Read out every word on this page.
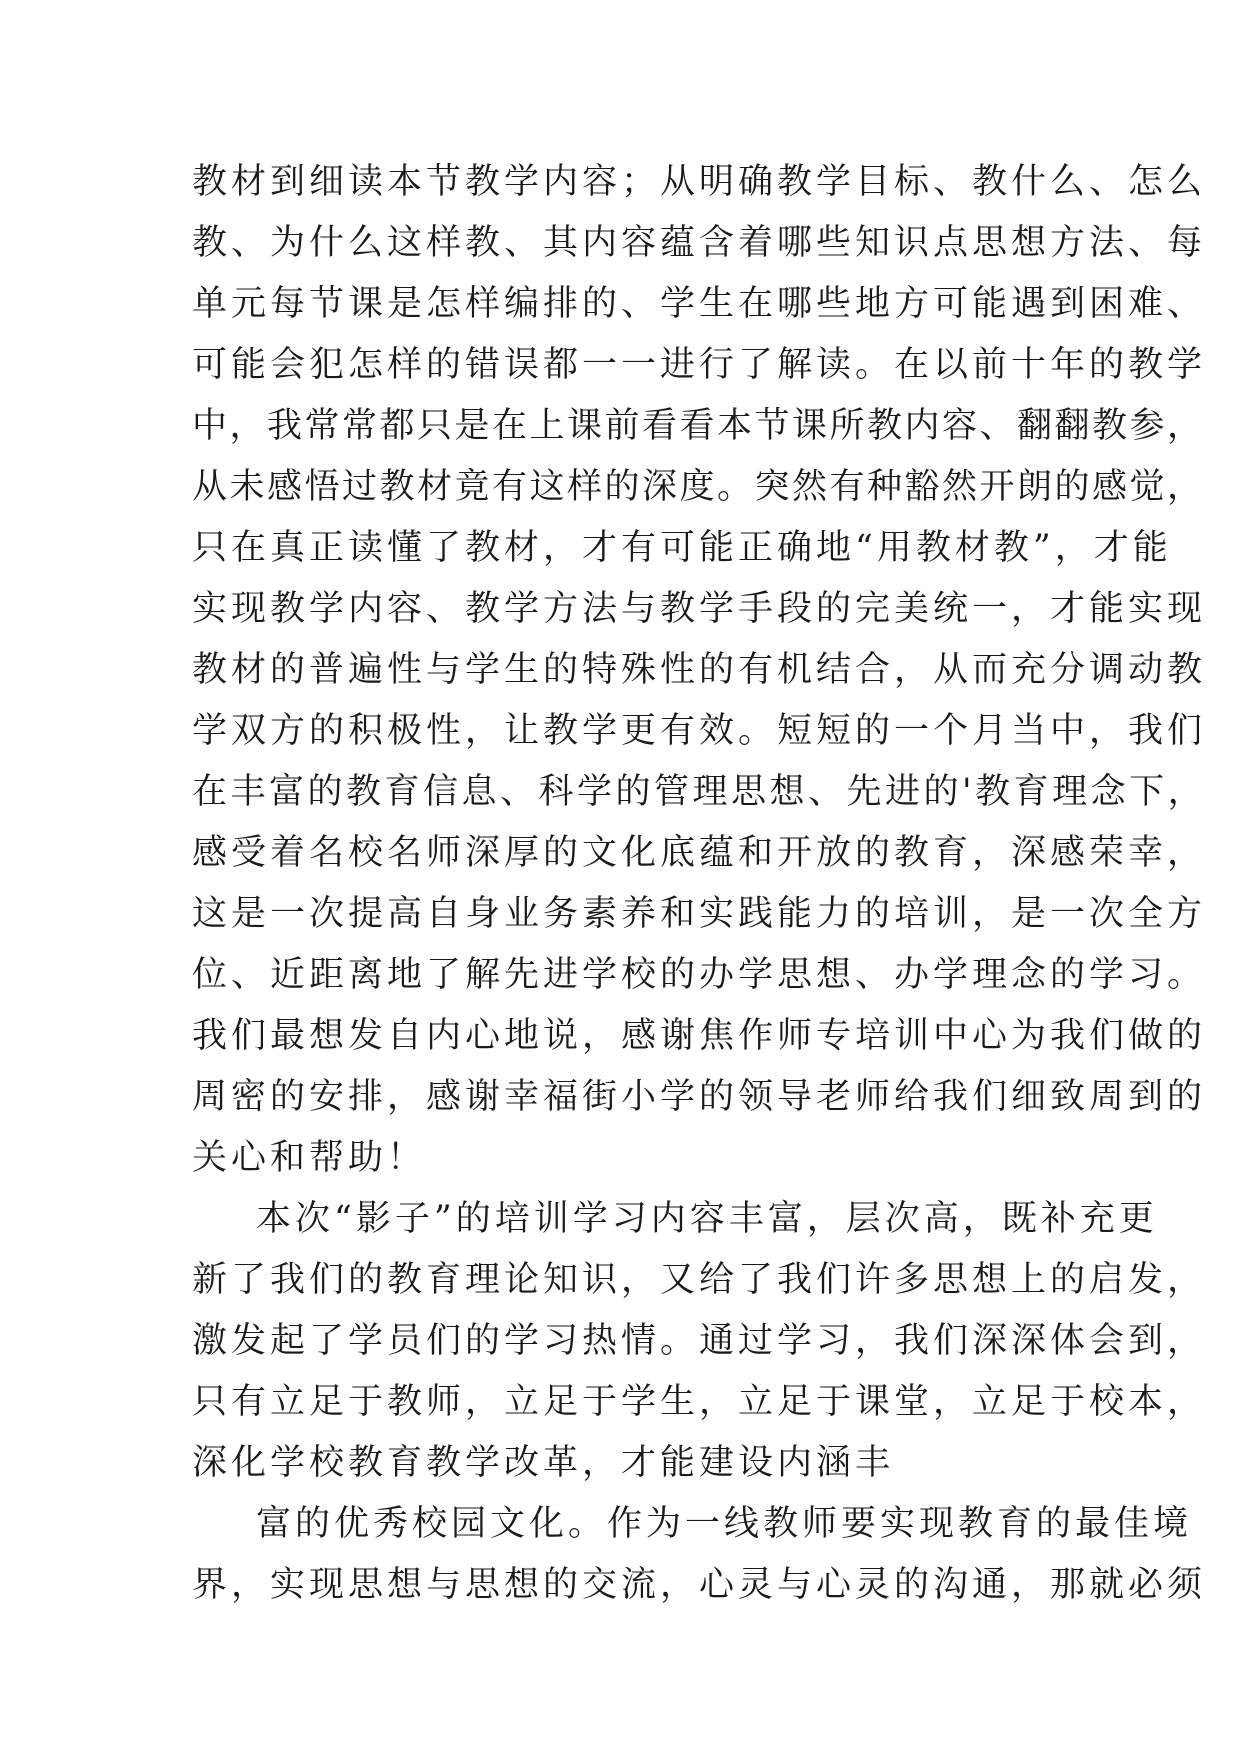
教材到细读本节教学内容；从明确教学目标、教什么、怎么
教、为什么这样教、其内容蕴含着哪些知识点思想方法、每
单元每节课是怎样编排的、学生在哪些地方可能遇到困难、
可能会犯怎样的错误都一一进行了解读。在以前十年的教学
中，我常常都只是在上课前看看本节课所教内容、翻翻教参，
从未感悟过教材竟有这样的深度。突然有种豁然开朗的感觉，
只在真正读懂了教材，才有可能正确地“用教材教”，才能
实现教学内容、教学方法与教学手段的完美统一，才能实现
教材的普遍性与学生的特殊性的有机结合，从而充分调动教
学双方的积极性，让教学更有效。短短的一个月当中，我们
在丰富的教育信息、科学的管理思想、先进的'教育理念下，
感受着名校名师深厚的文化底蕴和开放的教育，深感荣幸，
这是一次提高自身业务素养和实践能力的培训，是一次全方
位、近距离地了解先进学校的办学思想、办学理念的学习。
我们最想发自内心地说，感谢焦作师专培训中心为我们做的
周密的安排，感谢幸福街小学的领导老师给我们细致周到的
关心和帮助！
本次“影子”的培训学习内容丰富，层次高，既补充更
新了我们的教育理论知识，又给了我们许多思想上的启发，
激发起了学员们的学习热情。通过学习，我们深深体会到，
只有立足于教师，立足于学生，立足于课堂，立足于校本，
深化学校教育教学改革，才能建设内涵丰
富的优秀校园文化。作为一线教师要实现教育的最佳境
界，实现思想与思想的交流，心灵与心灵的沟通，那就必须
